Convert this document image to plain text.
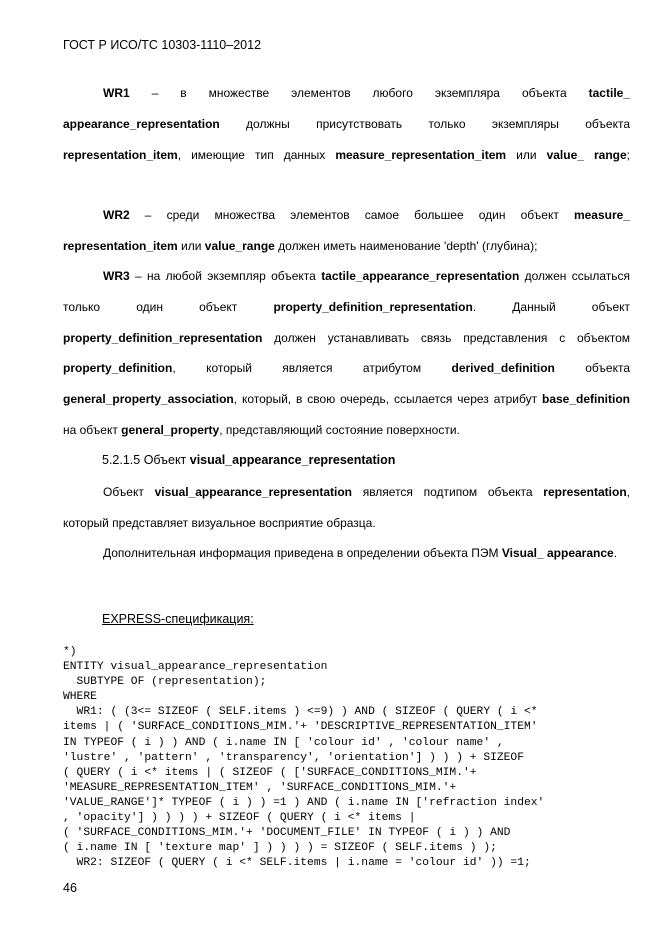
ГОСТ Р ИСО/ТС 10303-1110–2012
WR1 – в множестве элементов любого экземпляра объекта tactile_ appearance_representation должны присутствовать только экземпляры объекта representation_item, имеющие тип данных measure_representation_item или value_ range;
WR2 – среди множества элементов самое большее один объект measure_ representation_item или value_range должен иметь наименование 'depth' (глубина);
WR3 – на любой экземпляр объекта tactile_appearance_representation должен ссылаться только один объект property_definition_representation. Данный объект property_definition_representation должен устанавливать связь представления с объектом property_definition, который является атрибутом derived_definition объекта general_property_association, который, в свою очередь, ссылается через атрибут base_definition на объект general_property, представляющий состояние поверхности.
5.2.1.5 Объект visual_appearance_representation
Объект visual_appearance_representation является подтипом объекта representation, который представляет визуальное восприятие образца.
Дополнительная информация приведена в определении объекта ПЭМ Visual_ appearance.
EXPRESS-спецификация:
*)
ENTITY visual_appearance_representation
SUBTYPE OF (representation);
WHERE
WR1: ( (3<= SIZEOF ( SELF.items ) <=9) ) AND ( SIZEOF ( QUERY ( i <*
items | ( 'SURFACE_CONDITIONS_MIM.'+ 'DESCRIPTIVE_REPRESENTATION_ITEM'
IN TYPEOF ( i ) ) AND ( i.name IN [ 'colour id' , 'colour name' ,
'lustre' , 'pattern' , 'transparency', 'orientation'] ) ) ) + SIZEOF
( QUERY ( i <* items | ( SIZEOF ( ['SURFACE_CONDITIONS_MIM.'+
'MEASURE_REPRESENTATION_ITEM' , 'SURFACE_CONDITIONS_MIM.'+
'VALUE_RANGE']* TYPEOF ( i ) ) =1 ) AND ( i.name IN ['refraction index'
, 'opacity'] ) ) ) ) + SIZEOF ( QUERY ( i <* items |
( 'SURFACE_CONDITIONS_MIM.'+ 'DOCUMENT_FILE' IN TYPEOF ( i ) ) AND
( i.name IN [ 'texture map' ] ) ) ) ) = SIZEOF ( SELF.items ) );
WR2: SIZEOF ( QUERY ( i <* SELF.items | i.name = 'colour id' )) =1;
46
